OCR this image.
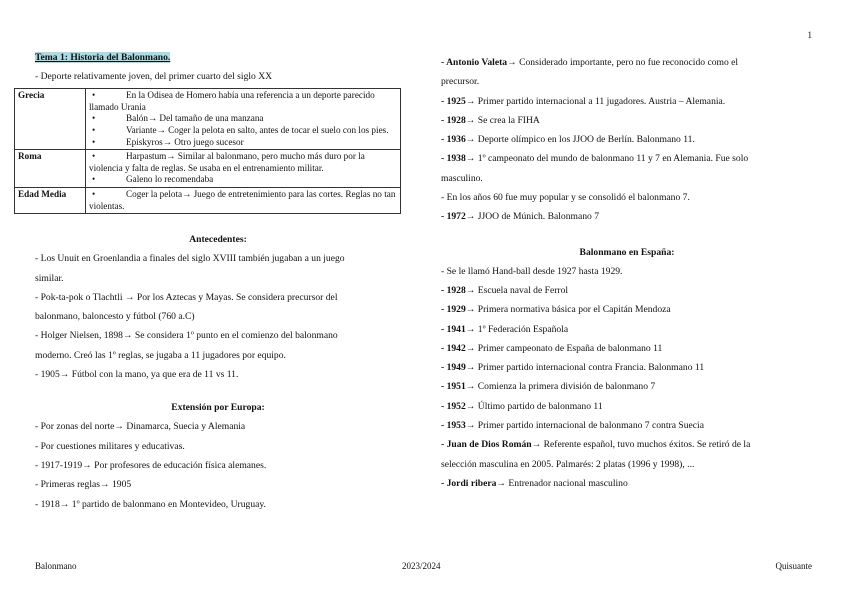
1
Tema 1: Historia del Balonmano.

- Deporte relativamente joven, del primer cuarto del siglo XX

Grecia	• En la Odisea de Homero había una referencia a un deporte parecido llamado Urania
• Balón→ Del tamaño de una manzana
• Variante→ Coger la pelota en salto, antes de tocar el suelo con los pies.
• Episkyros→ Otro juego sucesor

Roma	• Harpastum→ Similar al balonmano, pero mucho más duro por la violencia y falta de reglas. Se usaba en el entrenamiento militar.
• Galeno lo recomendaba

Edad Media	• Coger la pelota→ Juego de entretenimiento para las cortes. Reglas no tan violentas.

Antecedentes:

- Los Unuit en Groenlandia a finales del siglo XVIII también jugaban a un juego

similar.

- Pok-ta-pok o Tlachtli → Por los Aztecas y Mayas. Se considera precursor del

balonmano, baloncesto y fútbol (760 a.C)

- Holger Nielsen, 1898→ Se considera 1º punto en el comienzo del balonmano

moderno. Creó las 1º reglas, se jugaba a 11 jugadores por equipo.

- 1905→ Fútbol con la mano, ya que era de 11 vs 11.

Extensión por Europa:

- Por zonas del norte→ Dinamarca, Suecia y Alemania

- Por cuestiones militares y educativas.

- 1917-1919→ Por profesores de educación física alemanes.

- Primeras reglas→ 1905

- 1918→ 1º partido de balonmano en Montevideo, Uruguay.

- Antonio Valeta→ Considerado importante, pero no fue reconocido como el

precursor.

- 1925→ Primer partido internacional a 11 jugadores. Austria – Alemania.

- 1928→ Se crea la FIHA

- 1936→ Deporte olímpico en los JJOO de Berlín. Balonmano 11.

- 1938→ 1º campeonato del mundo de balonmano 11 y 7 en Alemania. Fue solo

masculino.

- En los años 60 fue muy popular y se consolidó el balonmano 7.

- 1972→ JJOO de Múnich. Balonmano 7

Balonmano en España:

- Se le llamó Hand-ball desde 1927 hasta 1929.

- 1928→ Escuela naval de Ferrol

- 1929→ Primera normativa básica por el Capitán Mendoza

- 1941→ 1º Federación Española

- 1942→ Primer campeonato de España de balonmano 11

- 1949→ Primer partido internacional contra Francia. Balonmano 11

- 1951→ Comienza la primera división de balonmano 7

- 1952→ Último partido de balonmano 11

- 1953→ Primer partido internacional de balonmano 7 contra Suecia

- Juan de Dios Román→ Referente español, tuvo muchos éxitos. Se retiró de la

selección masculina en 2005. Palmarés: 2 platas (1996 y 1998), ...

- Jordi ribera→ Entrenador nacional masculino

Balonmano	2023/2024	Quisuante
